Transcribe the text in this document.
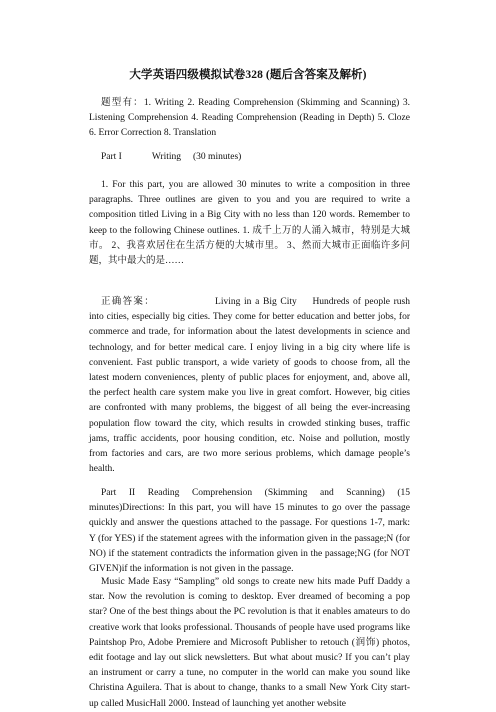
大学英语四级模拟试卷328 (题后含答案及解析)

题型有：1. Writing 2. Reading Comprehension (Skimming and Scanning) 3. Listening Comprehension 4. Reading Comprehension (Reading in Depth) 5. Cloze 6. Error Correction 8. Translation

Part I	Writing (30 minutes)

1. For this part, you are allowed 30 minutes to write a composition in three paragraphs. Three outlines are given to you and you are required to write a composition titled Living in a Big City with no less than 120 words. Remember to keep to the following Chinese outlines. 1. 成千上万的人涌入城市，特别是大城市。 2、我喜欢居住在生活方便的大城市里。 3、然而大城市正面临许多问题，其中最大的是……

正确答案：	Living in a Big City Hundreds of people rush into cities, especially big cities. They come for better education and better jobs, for commerce and trade, for information about the latest developments in science and technology, and for better medical care. I enjoy living in a big city where life is convenient. Fast public transport, a wide variety of goods to choose from, all the latest modern conveniences, plenty of public places for enjoyment, and, above all, the perfect health care system make you live in great comfort. However, big cities are confronted with many problems, the biggest of all being the ever-increasing population flow toward the city, which results in crowded stinking buses, traffic jams, traffic accidents, poor housing condition, etc. Noise and pollution, mostly from factories and cars, are two more serious problems, which damage people’s health.

Part II Reading Comprehension (Skimming and Scanning) (15 minutes)Directions: In this part, you will have 15 minutes to go over the passage quickly and answer the questions attached to the passage. For questions 1-7, mark: Y (for YES) if the statement agrees with the information given in the passage;N (for NO) if the statement contradicts the information given in the passage;NG (for NOT GIVEN)if the information is not given in the passage.

Music Made Easy “Sampling” old songs to create new hits made Puff Daddy a star. Now the revolution is coming to desktop. Ever dreamed of becoming a pop star? One of the best things about the PC revolution is that it enables amateurs to do creative work that looks professional. Thousands of people have used programs like Paintshop Pro, Adobe Premiere and Microsoft Publisher to retouch (润饰) photos, edit footage and lay out slick newsletters. But what about music? If you can’t play an instrument or carry a tune, no computer in the world can make you sound like Christina Aguilera. That is about to change, thanks to a small New York City start-up called MusicHall 2000. Instead of launching yet another website
